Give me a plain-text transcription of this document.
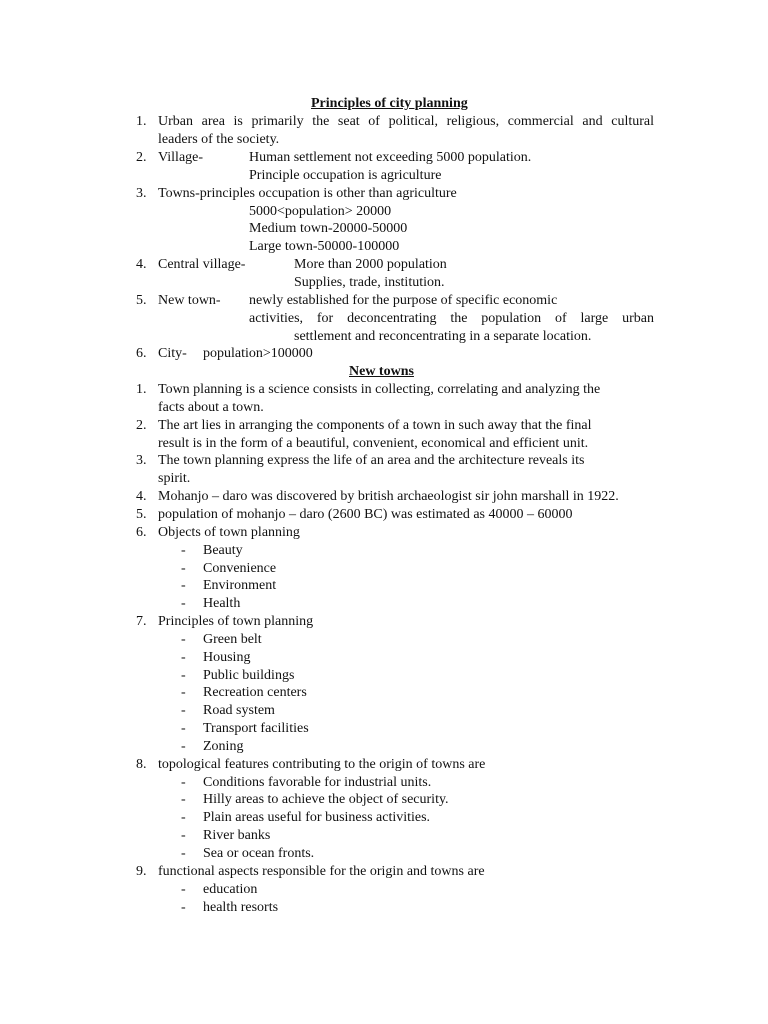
Principles of city planning
1. Urban area is primarily the seat of political, religious, commercial and cultural
leaders of the society.
2. Village-	Human settlement not exceeding 5000 population.
Principle occupation is agriculture
3. Towns-principles occupation is other than agriculture
5000<population> 20000
Medium town-20000-50000
Large town-50000-100000
4. Central village-	More than 2000 population
Supplies, trade, institution.
5. New town- newly established for the purpose of specific economic
activities, for deconcentrating the population of large urban
settlement and reconcentrating in a separate location.
6. City- population>100000
New towns
1. Town planning is a science consists in collecting, correlating and analyzing the
facts about a town.
2. The art lies in arranging the components of a town in such away that the final
result is in the form of a beautiful, convenient, economical and efficient unit.
3. The town planning express the life of an area and the architecture reveals its
spirit.
4. Mohanjo – daro was discovered by british archaeologist sir john marshall in 1922.
5. population of mohanjo – daro (2600 BC) was estimated as 40000 – 60000
6. Objects of town planning
- Beauty
- Convenience
- Environment
- Health
7. Principles of town planning
- Green belt
- Housing
- Public buildings
- Recreation centers
- Road system
- Transport facilities
- Zoning
8. topological features contributing to the origin of towns are
- Conditions favorable for industrial units.
- Hilly areas to achieve the object of security.
- Plain areas useful for business activities.
- River banks
- Sea or ocean fronts.
9. functional aspects responsible for the origin and towns are
- education
- health resorts
